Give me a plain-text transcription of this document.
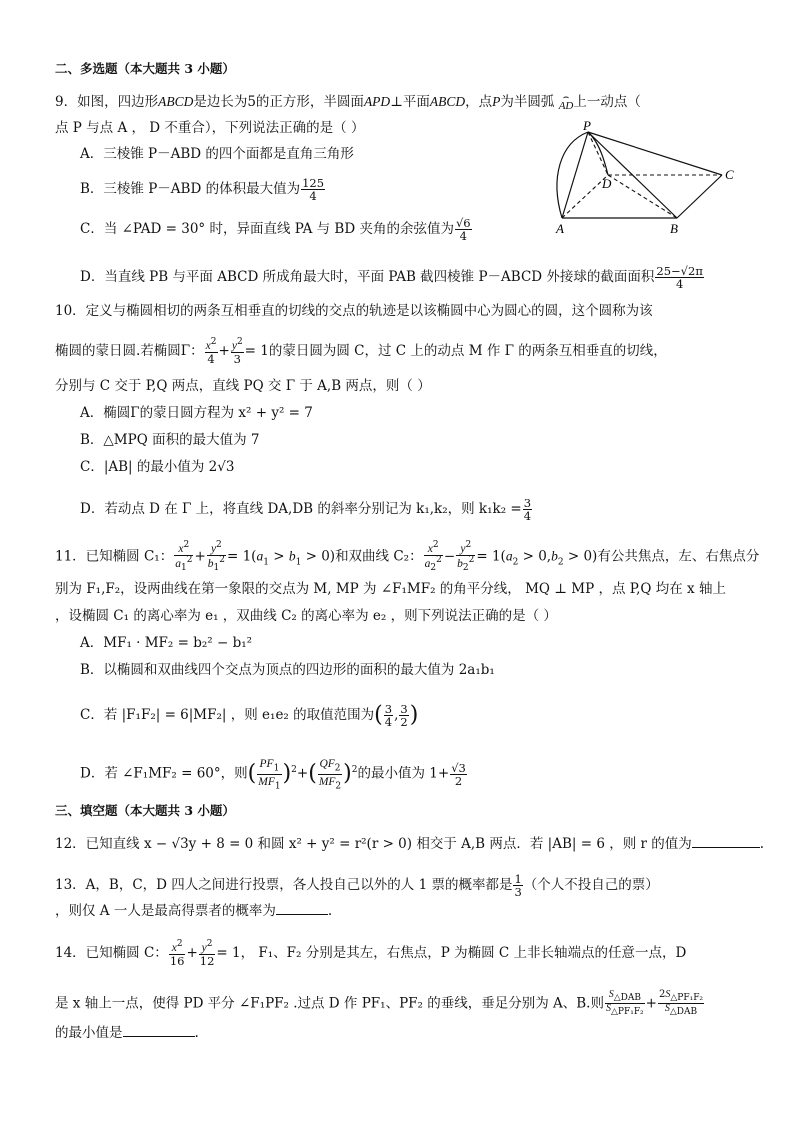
二、多选题（本大题共 3 小题）
9．如图，四边形ABCD是边长为5的正方形，半圆面APD⊥平面ABCD，点P为半圆弧 ⌢
AD上一动点（
点 P 与点 A ， D 不重合），下列说法正确的是（ ）
A．三棱锥 P－ABD 的四个面都是直角三角形
B．三棱锥 P－ABD 的体积最大值为 $\frac{125}{4}$
C．当 ∠PAD = 30° 时，异面直线 PA 与 BD 夹角的余弦值为 $\frac{√6}{4}$
D．当直线 PB 与平面 ABCD 所成角最大时，平面 PAB 截四棱锥 P－ABCD 外接球的截面面积 $\frac{25-√2\pi}{4}$
P
D
C
A	B
10．定义与椭圆相切的两条互相垂直的切线的交点的轨迹是以该椭圆中心为圆心的圆，这个圆称为该
椭圆的蒙日圆.若椭圆Γ： $\frac{x^2}{4} + \frac{y^2}{3} = 1$的蒙日圆为圆 C，过 C 上的动点 M 作 Γ 的两条互相垂直的切线，
分别与 C 交于 P,Q 两点，直线 PQ 交 Γ 于 A,B 两点，则（ ）
A．椭圆Γ的蒙日圆方程为 x² + y² = 7
B．△MPQ 面积的最大值为 7
C．|AB| 的最小值为 2√3
D．若动点 D 在 Γ 上，将直线 DA,DB 的斜率分别记为 k₁,k₂，则 $k_1k_2 = \frac{3}{4}$
11．已知椭圆 C₁： $\frac{x^2}{a_1^2} + \frac{y^2}{b_1^2} = 1(a_1 > b_1 > 0)$和双曲线 C₂： $\frac{x^2}{a_2^2} - \frac{y^2}{b_2^2} = 1(a_2 > 0,b_2 > 0)$有公共焦点，左、右焦点分
别为 F₁,F₂，设两曲线在第一象限的交点为 M, MP 为 ∠F₁MF₂ 的角平分线， MQ ⊥ MP ，点 P,Q 均在 x 轴上
，设椭圆 C₁ 的离心率为 e₁ ，双曲线 C₂ 的离心率为 e₂ ，则下列说法正确的是（ ）
A．MF₁ · MF₂ = b₂² − b₁²
B．以椭圆和双曲线四个交点为顶点的四边形的面积的最大值为 2a₁b₁
C．若 |F₁F₂| = 6|MF₂| ，则 e₁e₂ 的取值范围为( $\frac{3}{4}$ , $\frac{3}{2}$ )
D．若 ∠F₁MF₂ = 60°，则( $\frac{PF_1}{MF_1} )^2+( \frac{QF_2}{MF_2} )^2$的最小值为 $1+ \frac{√3}{2}$
三、填空题（本大题共 3 小题）
12．已知直线 x − √3y + 8 = 0 和圆 x² + y² = r²(r > 0) 相交于 A,B 两点．若 |AB| = 6 ，则 r 的值为	.
13．A，B，C，D 四人之间进行投票，各人投自己以外的人 1 票的概率都是 $\frac{1}{3}$ （个人不投自己的票）
，则仅 A 一人是最高得票者的概率为	.
14．已知椭圆 C： $\frac{x^2}{16} + \frac{y^2}{12} = 1$， F₁、F₂ 分别是其左，右焦点，P 为椭圆 C 上非长轴端点的任意一点，D
是 x 轴上一点，使得 PD 平分 ∠F₁PF₂ .过点 D 作 PF₁、PF₂ 的垂线，垂足分别为 A、B.则
$S_{\triangle DAB}$
$S_{\triangle PF_1F_2}$
+
$2S_{\triangle PF_1F_2}$
$S_{\triangle DAB}$
的最小值是	.
